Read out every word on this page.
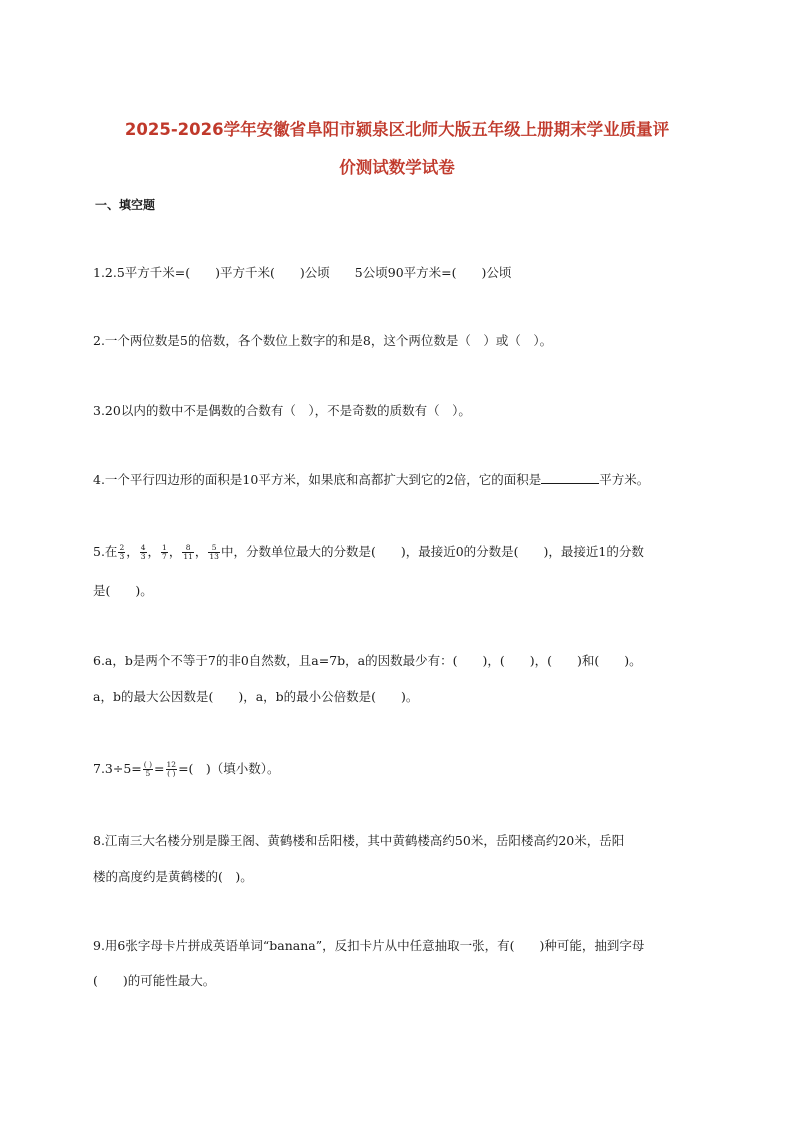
2025-2026学年安徽省阜阳市颍泉区北师大版五年级上册期末学业质量评
价测试数学试卷
一、填空题
1.2.5平方千米=(　　)平方千米(　　)公顷　　5公顷90平方米=(　　)公顷
2.一个两位数是5的倍数，各个数位上数字的和是8，这个两位数是（　）或（　）。
3.20以内的数中不是偶数的合数有（　），不是奇数的质数有（　）。
4.一个平行四边形的面积是10平方米，如果底和高都扩大到它的2倍，它的面积是	平方米。
5.在 $\frac{2}{3}$ ， $\frac{4}{3}$ ， $\frac{1}{7}$ ， $\frac{8}{11}$ ， $\frac{5}{13}$ 中，分数单位最大的分数是(　　)，最接近0的分数是(　　)，最接近1的分数
是(　　)。
6.a，b是两个不等于7的非0自然数，且a=7b，a的因数最少有：(　　)，(　　)，(　　)和(　　)。
a，b的最大公因数是(　　)，a，b的最小公倍数是(　　)。
$7.3\div 5= \frac{( )}{5} = \frac{12}{( )}$ =(　)（填小数）。
8.江南三大名楼分别是滕王阁、黄鹤楼和岳阳楼，其中黄鹤楼高约50米，岳阳楼高约20米，岳阳
楼的高度约是黄鹤楼的(　)。
9.用6张字母卡片拼成英语单词“banana”，反扣卡片从中任意抽取一张，有(　　)种可能，抽到字母
(　　)的可能性最大。
